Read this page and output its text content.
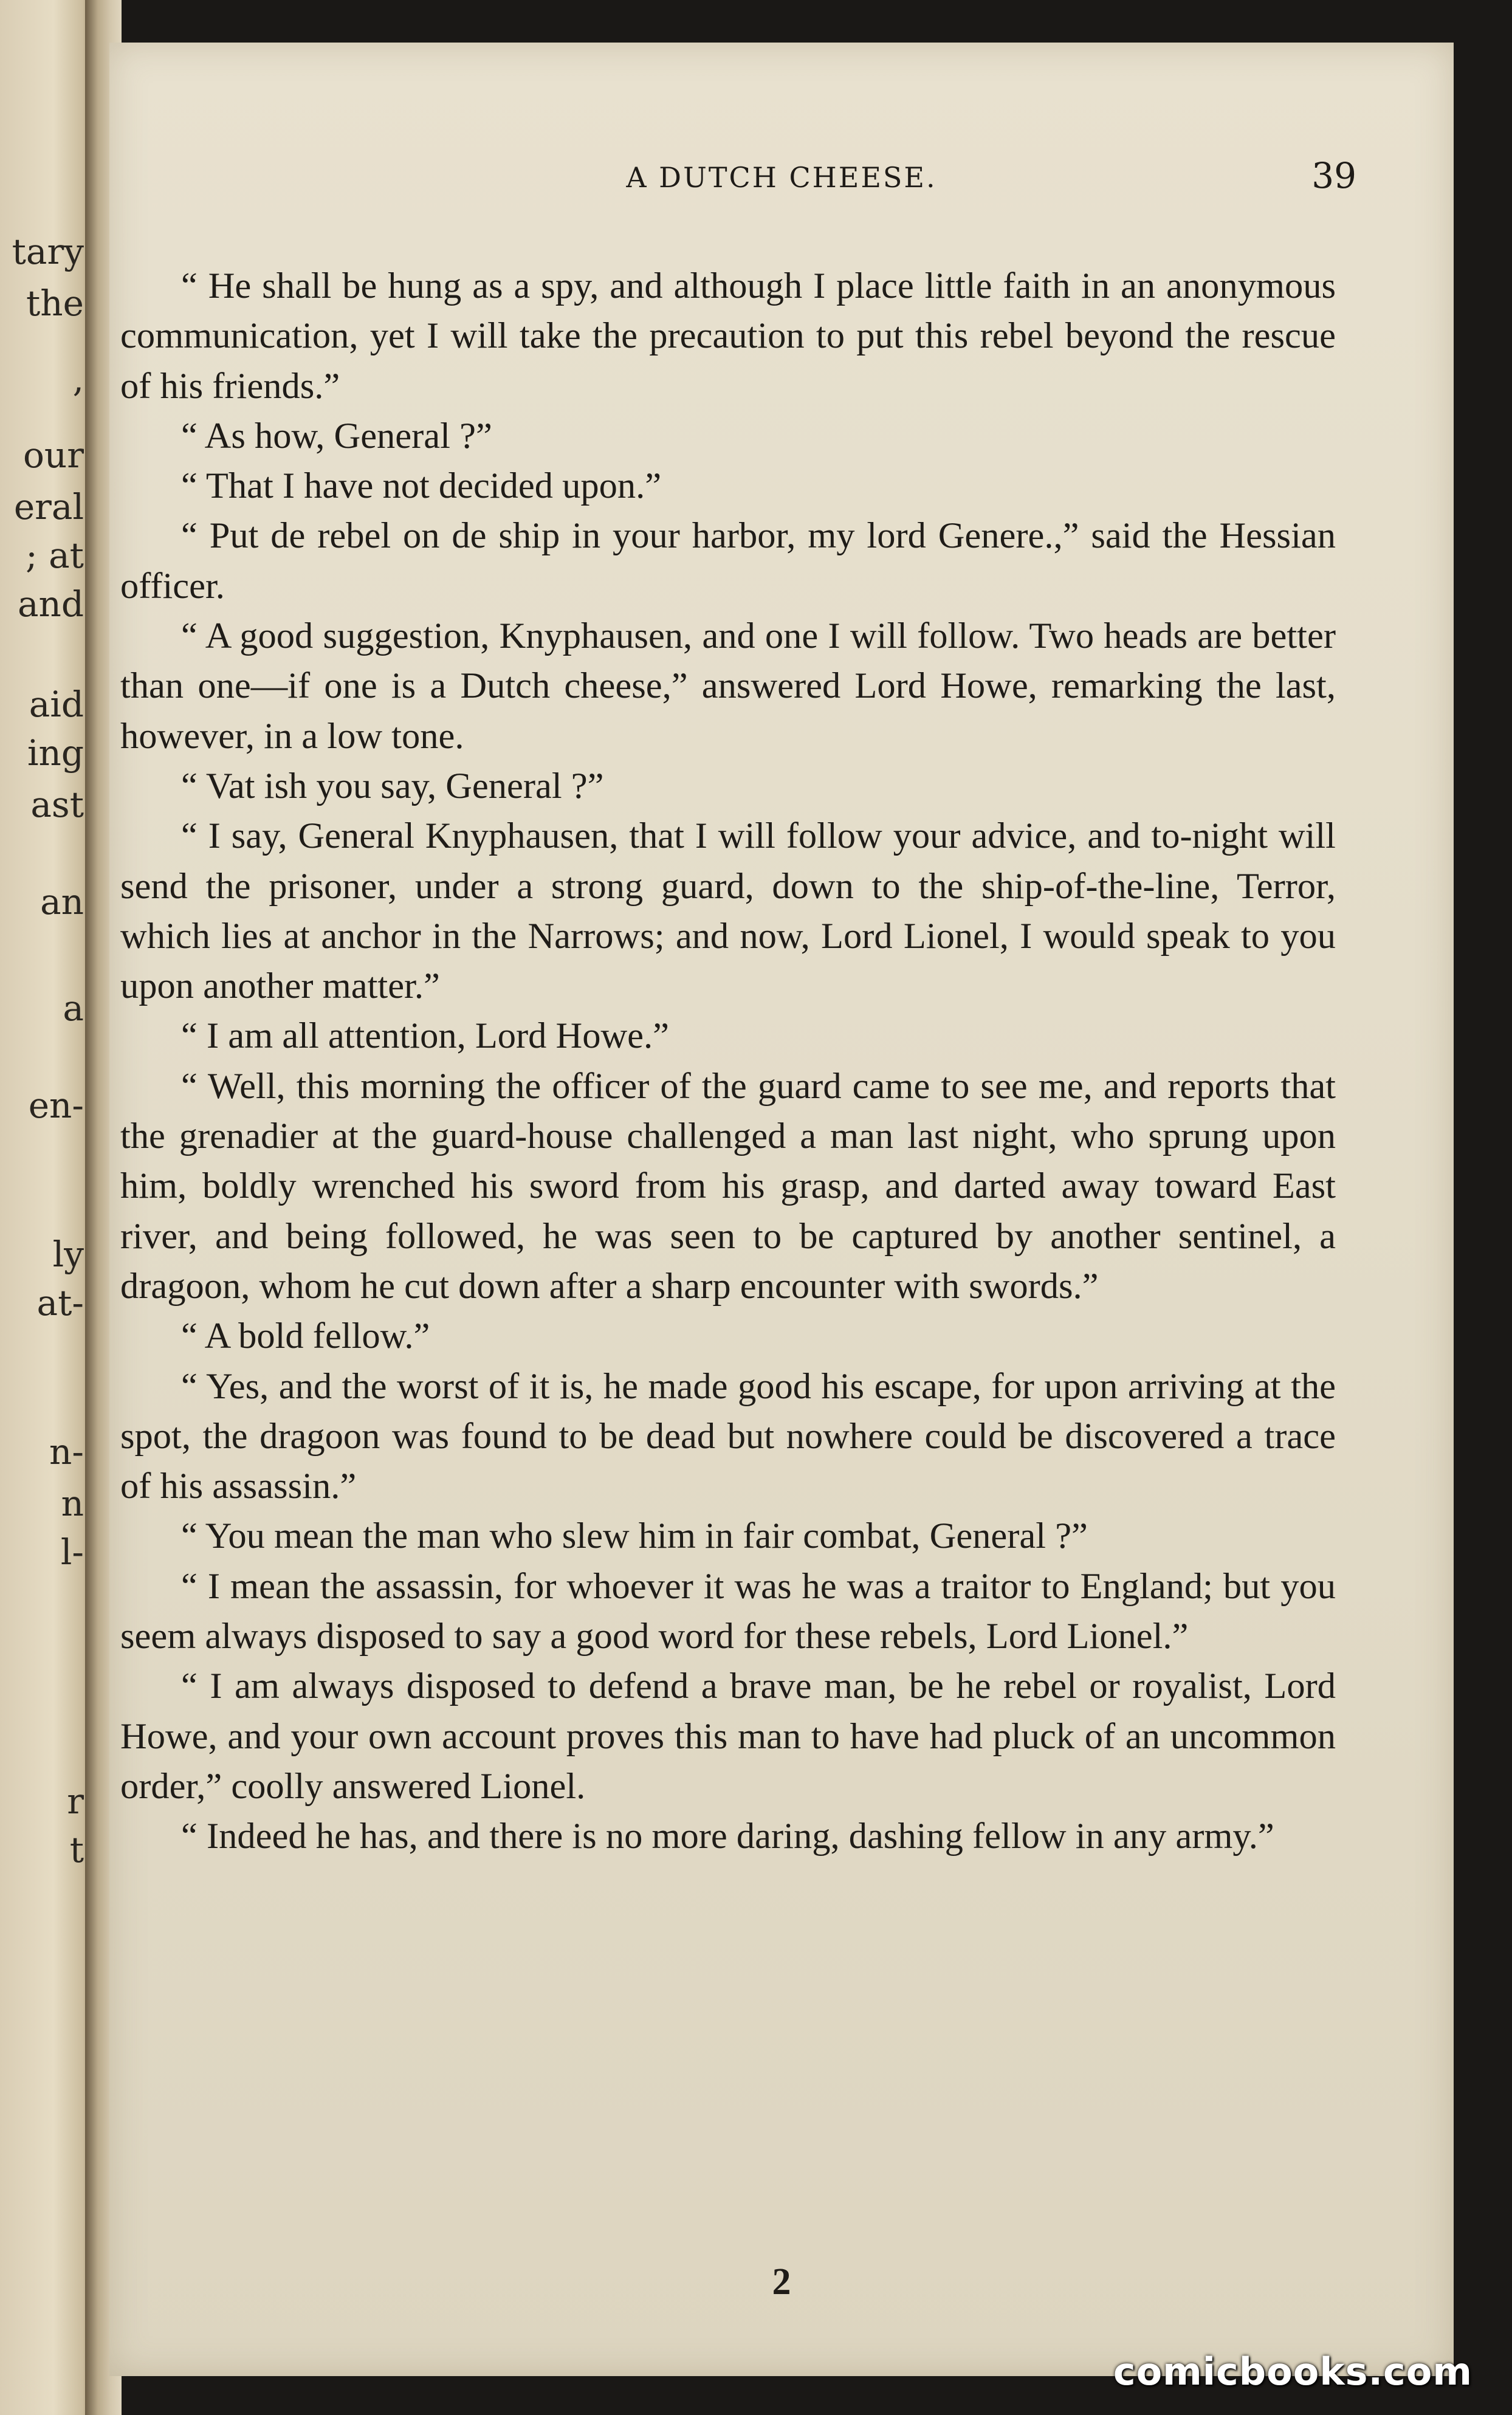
tary
the
,
our
eral
; at
and
aid
ing
ast
an
a
en-
ly
at-
n-
n
l-
r
t
A DUTCH CHEESE.	39

“ He shall be hung as a spy, and although I place little faith in an anonymous communication, yet I will take the precaution to put this rebel beyond the rescue of his friends.”

“ As how, General ?”

“ That I have not decided upon.”

“ Put de rebel on de ship in your harbor, my lord Genere.,” said the Hessian officer.

“ A good suggestion, Knyphausen, and one I will follow. Two heads are better than one—if one is a Dutch cheese,” answered Lord Howe, remarking the last, however, in a low tone.

“ Vat ish you say, General ?”

“ I say, General Knyphausen, that I will follow your advice, and to-night will send the prisoner, under a strong guard, down to the ship-of-the-line, Terror, which lies at anchor in the Narrows; and now, Lord Lionel, I would speak to you upon another matter.”

“ I am all attention, Lord Howe.”

“ Well, this morning the officer of the guard came to see me, and reports that the grenadier at the guard-house challenged a man last night, who sprung upon him, boldly wrenched his sword from his grasp, and darted away toward East river, and being followed, he was seen to be captured by another sentinel, a dragoon, whom he cut down after a sharp encounter with swords.”

“ A bold fellow.”

“ Yes, and the worst of it is, he made good his escape, for upon arriving at the spot, the dragoon was found to be dead but nowhere could be discovered a trace of his assassin.”

“ You mean the man who slew him in fair combat, General ?”

“ I mean the assassin, for whoever it was he was a traitor to England; but you seem always disposed to say a good word for these rebels, Lord Lionel.”

“ I am always disposed to defend a brave man, be he rebel or royalist, Lord Howe, and your own account proves this man to have had pluck of an uncommon order,” coolly answered Lionel.

“ Indeed he has, and there is no more daring, dashing fellow in any army.”

2
comicbooks.com
